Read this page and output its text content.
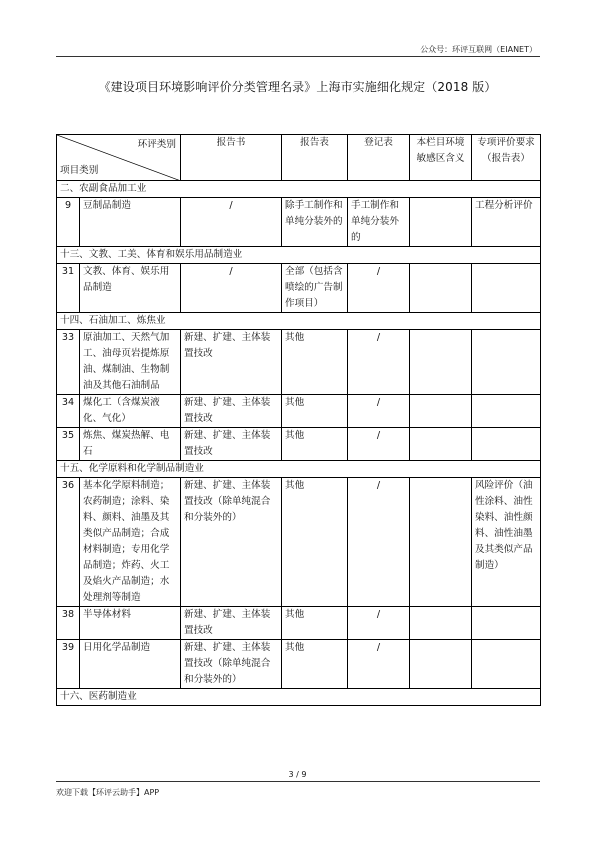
公众号：环评互联网（EIANET）
《建设项目环境影响评价分类管理名录》上海市实施细化规定（2018 版）
环评类别
项目类别		报告书	报告表	登记表	本栏目环境敏感区含义	专项评价要求（报告表）
二、农副食品加工业						
9	豆制品制造	/	除手工制作和单纯分装外的	手工制作和单纯分装外的		工程分析评价
十三、文教、工美、体育和娱乐用品制造业						
31	文教、体育、娱乐用品制造	/	全部（包括含喷绘的广告制作项目）	/		
十四、石油加工、炼焦业						
33	原油加工、天然气加工、油母页岩提炼原油、煤制油、生物制油及其他石油制品	新建、扩建、主体装置技改	其他	/		
34	煤化工（含煤炭液化、气化）	新建、扩建、主体装置技改	其他	/		
35	炼焦、煤炭热解、电石	新建、扩建、主体装置技改	其他	/		
十五、化学原料和化学制品制造业						
36	基本化学原料制造；农药制造；涂料、染料、颜料、油墨及其类似产品制造；合成材料制造；专用化学品制造；炸药、火工及焰火产品制造；水处理剂等制造	新建、扩建、主体装置技改（除单纯混合和分装外的）	其他	/		风险评价（油性涂料、油性染料、油性颜料、油性油墨及其类似产品制造）
38	半导体材料	新建、扩建、主体装置技改	其他	/		
39	日用化学品制造	新建、扩建、主体装置技改（除单纯混合和分装外的）	其他	/		
十六、医药制造业						
3 / 9
欢迎下载【环评云助手】APP
